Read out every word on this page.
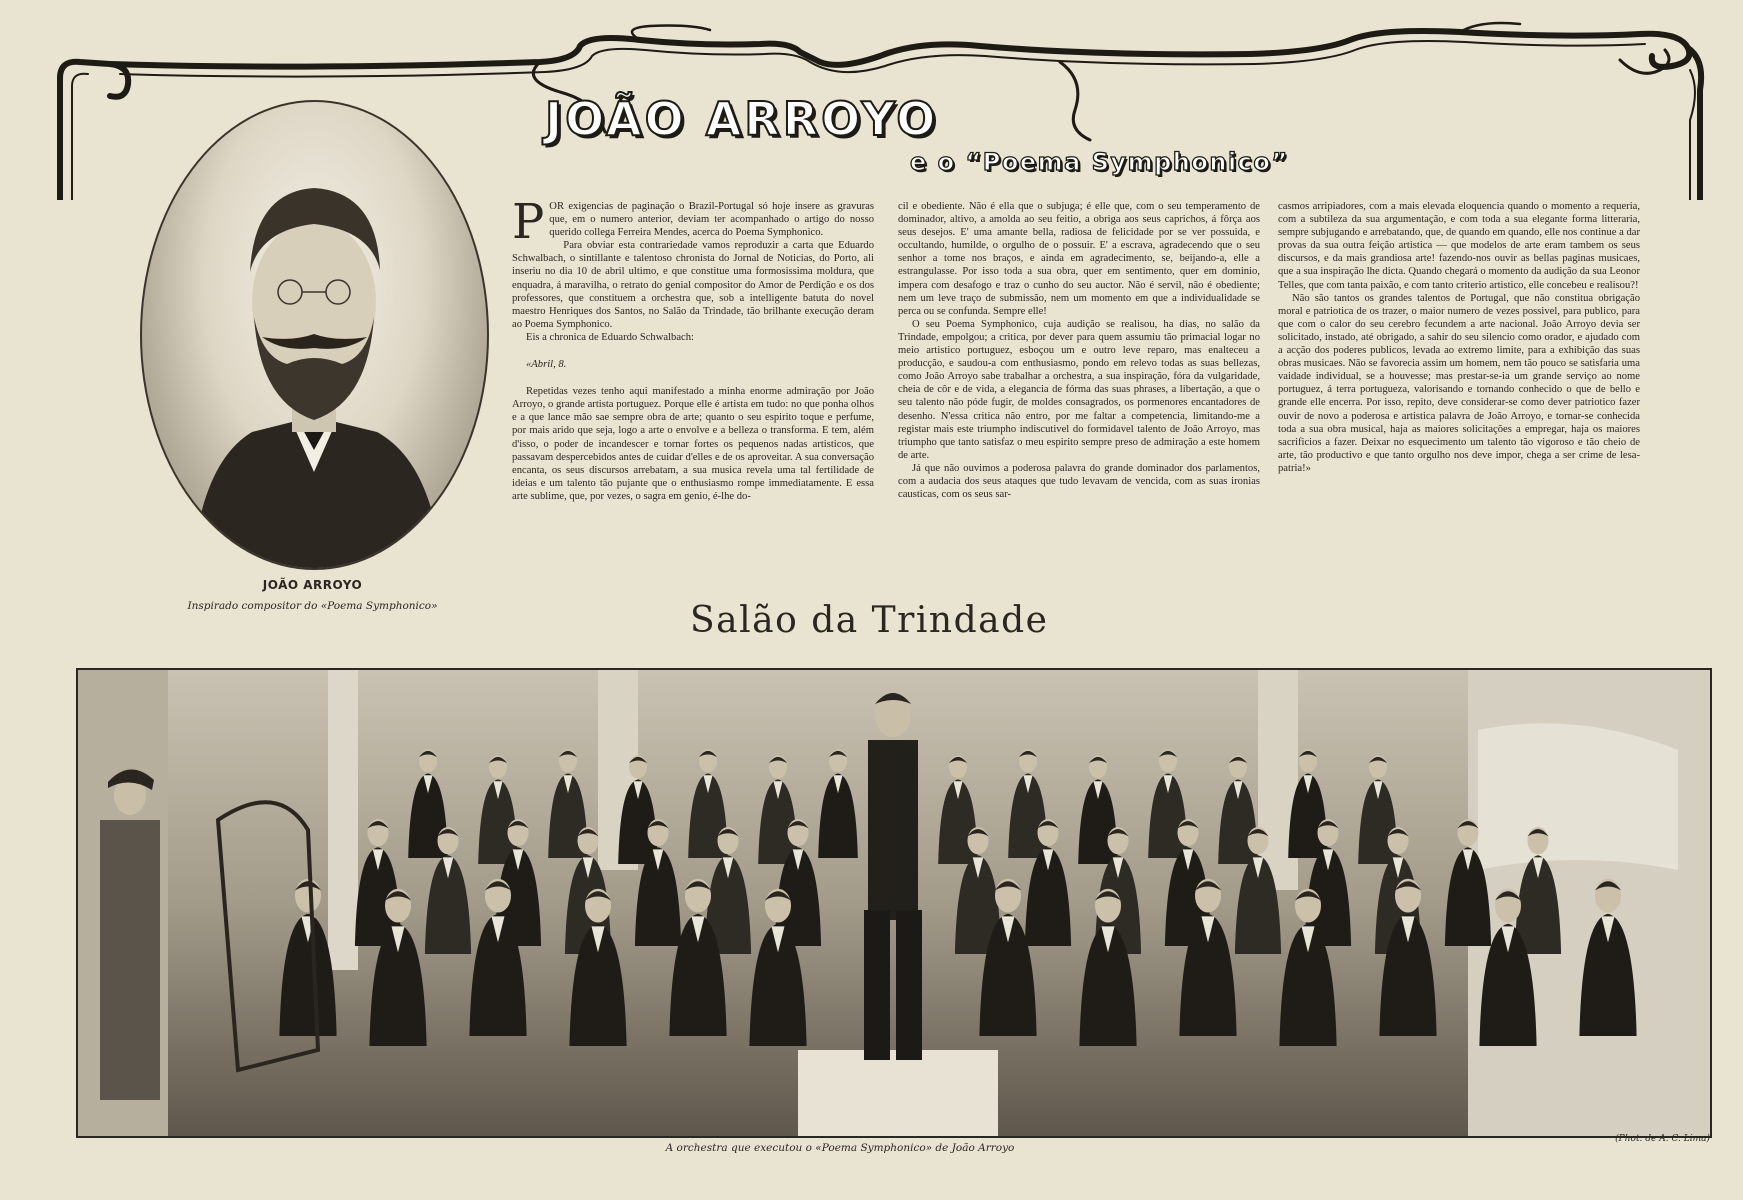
JOÃO ARROYO
Inspirado compositor do «Poema Symphonico»
JOÃO ARROYO
e o “Poema Symphonico”

POR exigencias de paginação o Brazil-Portugal só hoje insere as gravuras que, em o numero anterior, deviam ter acompanhado o artigo do nosso querido collega Ferreira Mendes, acerca do Poema Symphonico.

Para obviar esta contrariedade vamos reproduzir a carta que Eduardo Schwalbach, o sintillante e talentoso chronista do Jornal de Noticias, do Porto, ali inseriu no dia 10 de abril ultimo, e que constitue uma formosissima moldura, que enquadra, á maravilha, o retrato do genial compositor do Amor de Perdição e os dos professores, que constituem a orchestra que, sob a intelligente batuta do novel maestro Henriques dos Santos, no Salão da Trindade, tão brilhante execução deram ao Poema Symphonico.

Eis a chronica de Eduardo Schwalbach:

«Abril, 8.

Repetidas vezes tenho aqui manifestado a minha enorme admiração por João Arroyo, o grande artista portuguez. Porque elle é artista em tudo: no que ponha olhos e a que lance mão sae sempre obra de arte; quanto o seu espirito toque e perfume, por mais arido que seja, logo a arte o envolve e a belleza o transforma. E tem, além d'isso, o poder de incandescer e tornar fortes os pequenos nadas artisticos, que passavam despercebidos antes de cuidar d'elles e de os aproveitar. A sua conversação encanta, os seus discursos arrebatam, a sua musica revela uma tal fertilidade de ideias e um talento tão pujante que o enthusiasmo rompe immediatamente. E essa arte sublime, que, por vezes, o sagra em genio, é-lhe do-

cil e obediente. Não é ella que o subjuga; é elle que, com o seu temperamento de dominador, altivo, a amolda ao seu feitio, a obriga aos seus caprichos, á fôrça aos seus desejos. E' uma amante bella, radiosa de felicidade por se ver possuida, e occultando, humilde, o orgulho de o possuir. E' a escrava, agradecendo que o seu senhor a tome nos braços, e ainda em agradecimento, se, beijando-a, elle a estrangulasse. Por isso toda a sua obra, quer em sentimento, quer em dominio, impera com desafogo e traz o cunho do seu auctor. Não é servil, não é obediente; nem um leve traço de submissão, nem um momento em que a individualidade se perca ou se confunda. Sempre elle!

O seu Poema Symphonico, cuja audição se realisou, ha dias, no salão da Trindade, empolgou; a critica, por dever para quem assumiu tão primacial logar no meio artistico portuguez, esboçou um e outro leve reparo, mas enalteceu a producção, e saudou-a com enthusiasmo, pondo em relevo todas as suas bellezas, como João Arroyo sabe trabalhar a orchestra, a sua inspiração, fóra da vulgaridade, cheia de côr e de vida, a elegancia de fórma das suas phrases, a libertação, a que o seu talento não póde fugir, de moldes consagrados, os pormenores encantadores de desenho. N'essa critica não entro, por me faltar a competencia, limitando-me a registar mais este triumpho indiscutivel do formidavel talento de João Arroyo, mas triumpho que tanto satisfaz o meu espirito sempre preso de admiração a este homem de arte.

Já que não ouvimos a poderosa palavra do grande dominador dos parlamentos, com a audacia dos seus ataques que tudo levavam de vencida, com as suas ironias causticas, com os seus sar-

casmos arripiadores, com a mais elevada eloquencia quando o momento a requeria, com a subtileza da sua argumentação, e com toda a sua elegante forma litteraria, sempre subjugando e arrebatando, que, de quando em quando, elle nos continue a dar provas da sua outra feição artistica — que modelos de arte eram tambem os seus discursos, e da mais grandiosa arte! fazendo-nos ouvir as bellas paginas musicaes, que a sua inspiração lhe dicta. Quando chegará o momento da audição da sua Leonor Telles, que com tanta paixão, e com tanto criterio artistico, elle concebeu e realisou?!

Não são tantos os grandes talentos de Portugal, que não constitua obrigação moral e patriotica de os trazer, o maior numero de vezes possivel, para publico, para que com o calor do seu cerebro fecundem a arte nacional. João Arroyo devia ser solicitado, instado, até obrigado, a sahir do seu silencio como orador, e ajudado com a acção dos poderes publicos, levada ao extremo limite, para a exhibição das suas obras musicaes. Não se favorecia assim um homem, nem tão pouco se satisfaria uma vaidade individual, se a houvesse; mas prestar-se-ia um grande serviço ao nome portuguez, á terra portugueza, valorisando e tornando conhecido o que de bello e grande elle encerra. Por isso, repito, deve considerar-se como dever patriotico fazer ouvir de novo a poderosa e artistica palavra de João Arroyo, e tornar-se conhecida toda a sua obra musical, haja as maiores solicitações a empregar, haja os maiores sacrificios a fazer. Deixar no esquecimento um talento tão vigoroso e tão cheio de arte, tão productivo e que tanto orgulho nos deve impor, chega a ser crime de lesa-patria!»

Salão da Trindade
A orchestra que executou o «Poema Symphonico» de João Arroyo
(Phot. de A. C. Lima)
